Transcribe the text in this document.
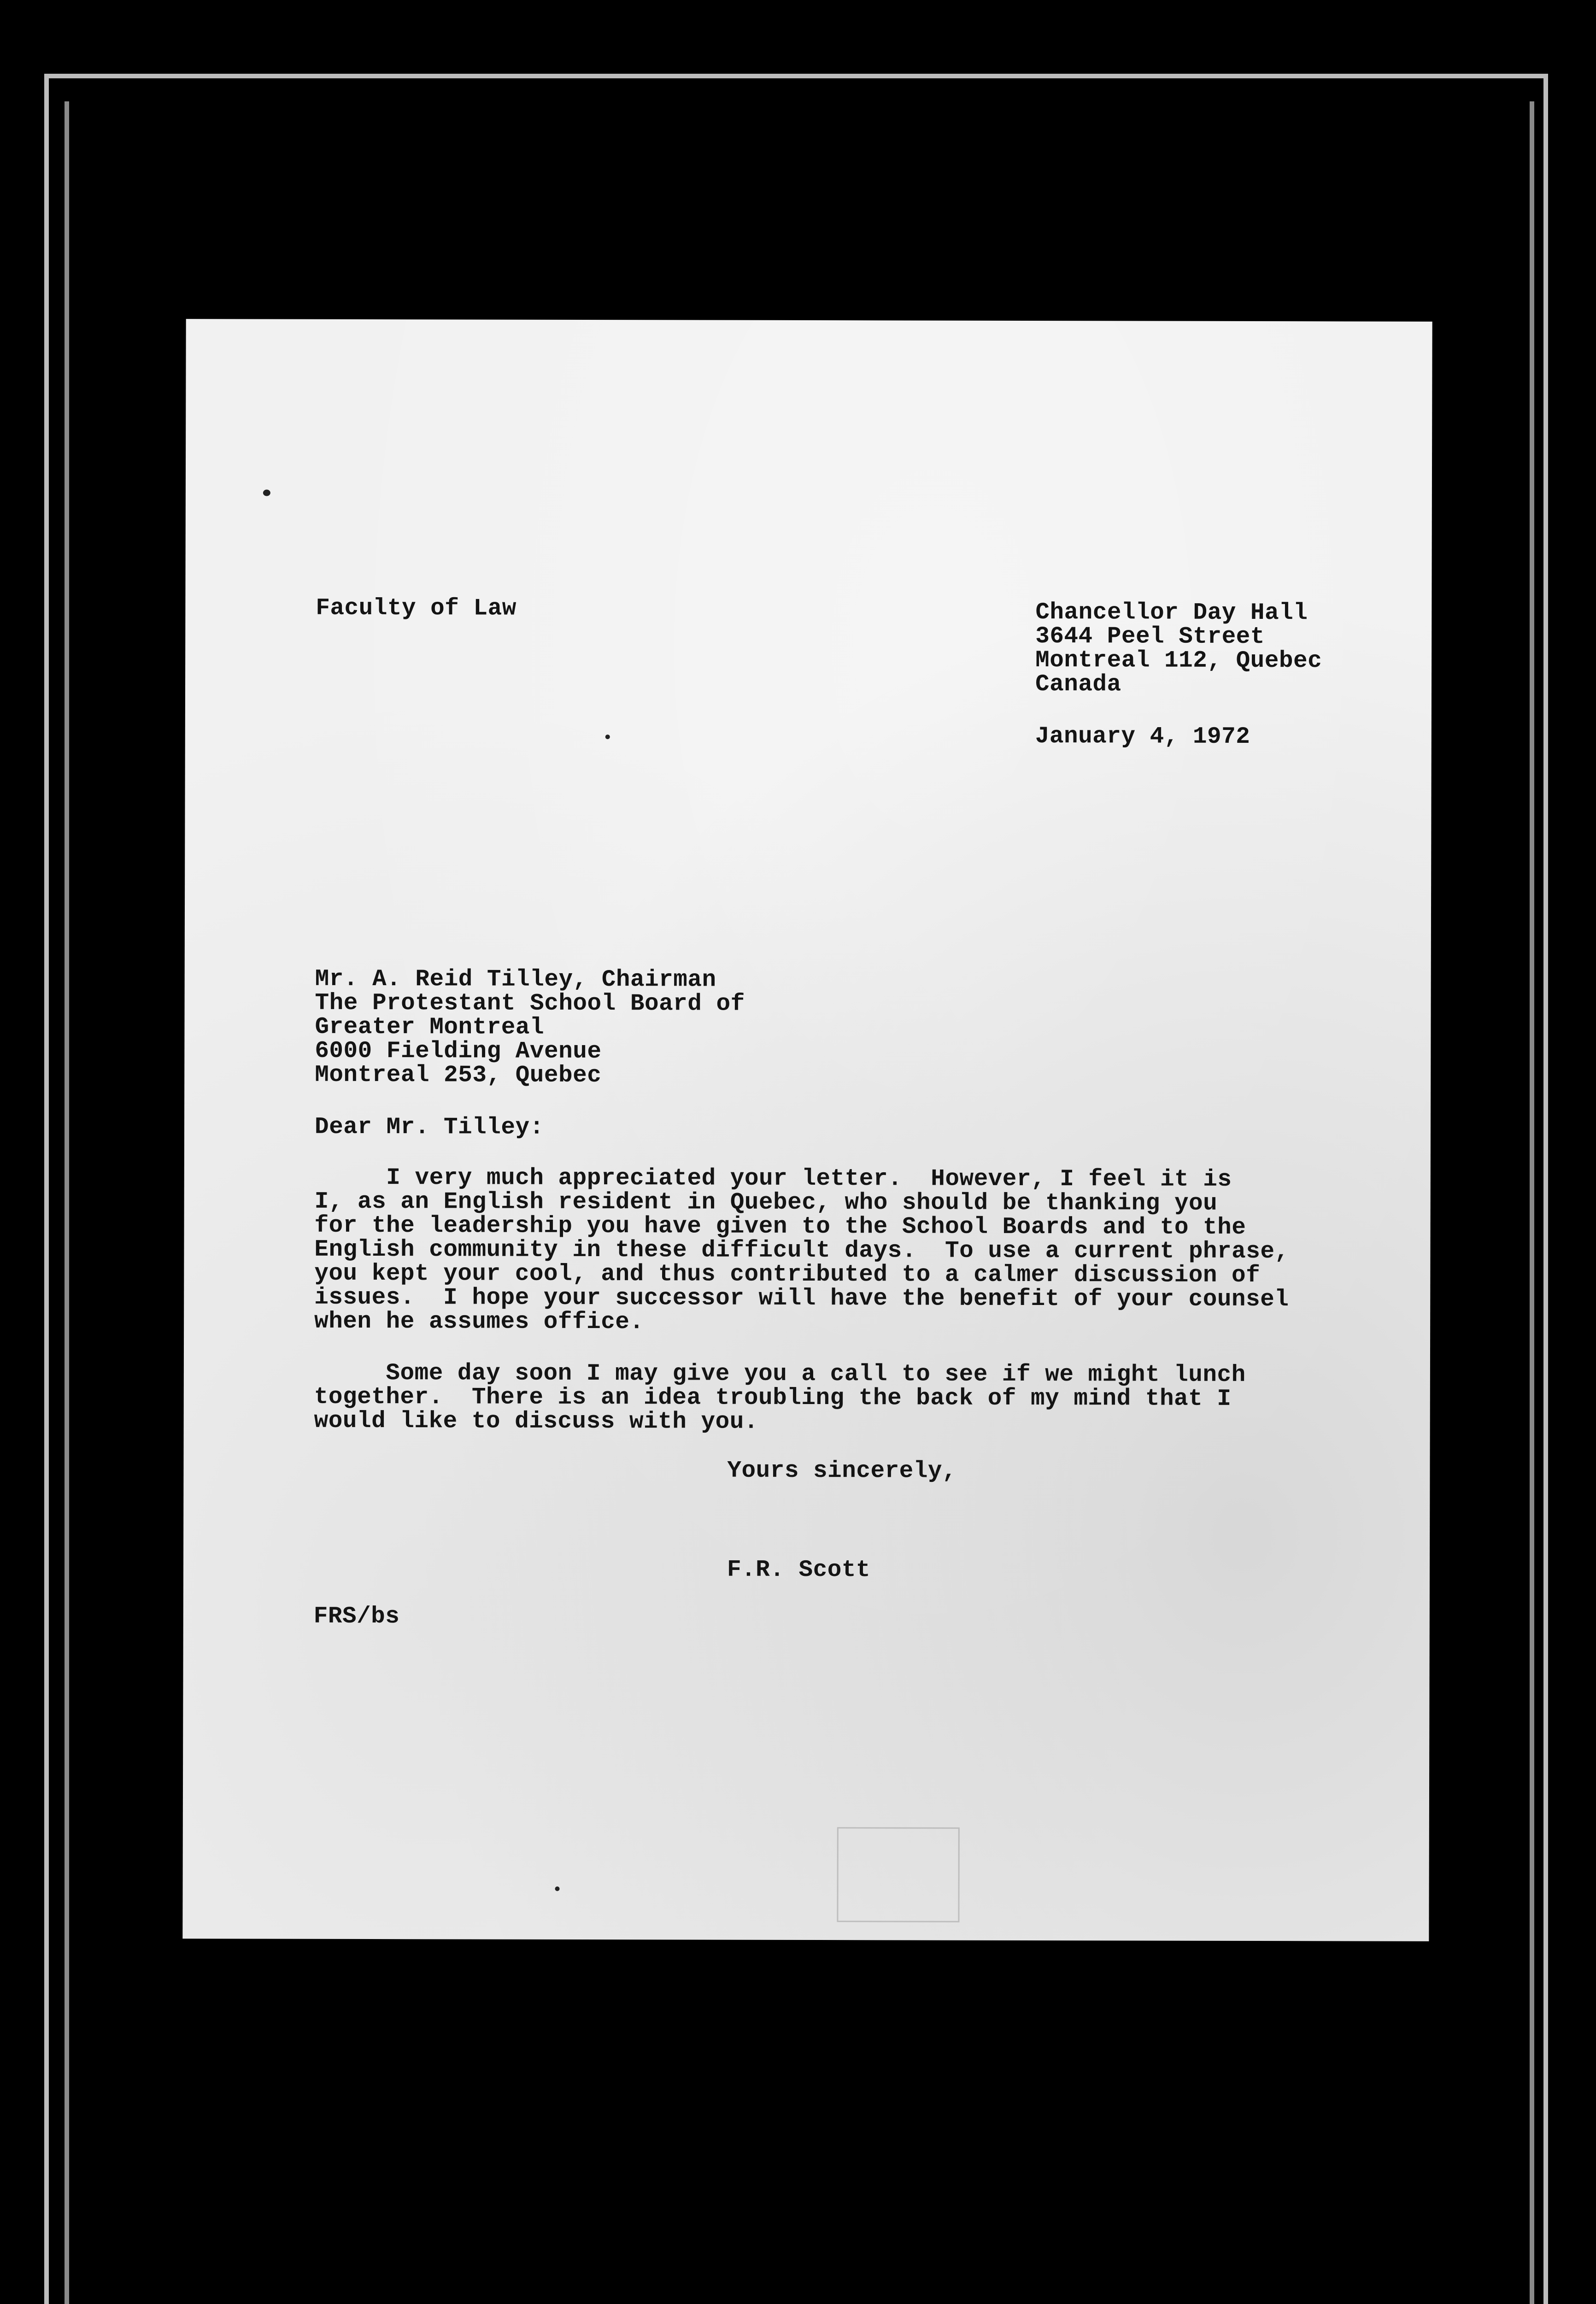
Faculty of Law	Chancellor Day Hall
3644 Peel Street
Montreal 112, Quebec
Canada
January 4, 1972
Mr. A. Reid Tilley, Chairman
The Protestant School Board of
Greater Montreal
6000 Fielding Avenue
Montreal 253, Quebec
Dear Mr. Tilley:
I very much appreciated your letter.  However, I feel it is
I, as an English resident in Quebec, who should be thanking you
for the leadership you have given to the School Boards and to the
English community in these difficult days.  To use a current phrase,
you kept your cool, and thus contributed to a calmer discussion of
issues.  I hope your successor will have the benefit of your counsel
when he assumes office.
Some day soon I may give you a call to see if we might lunch
together.  There is an idea troubling the back of my mind that I
would like to discuss with you.
Yours sincerely,
F.R. Scott
FRS/bs
